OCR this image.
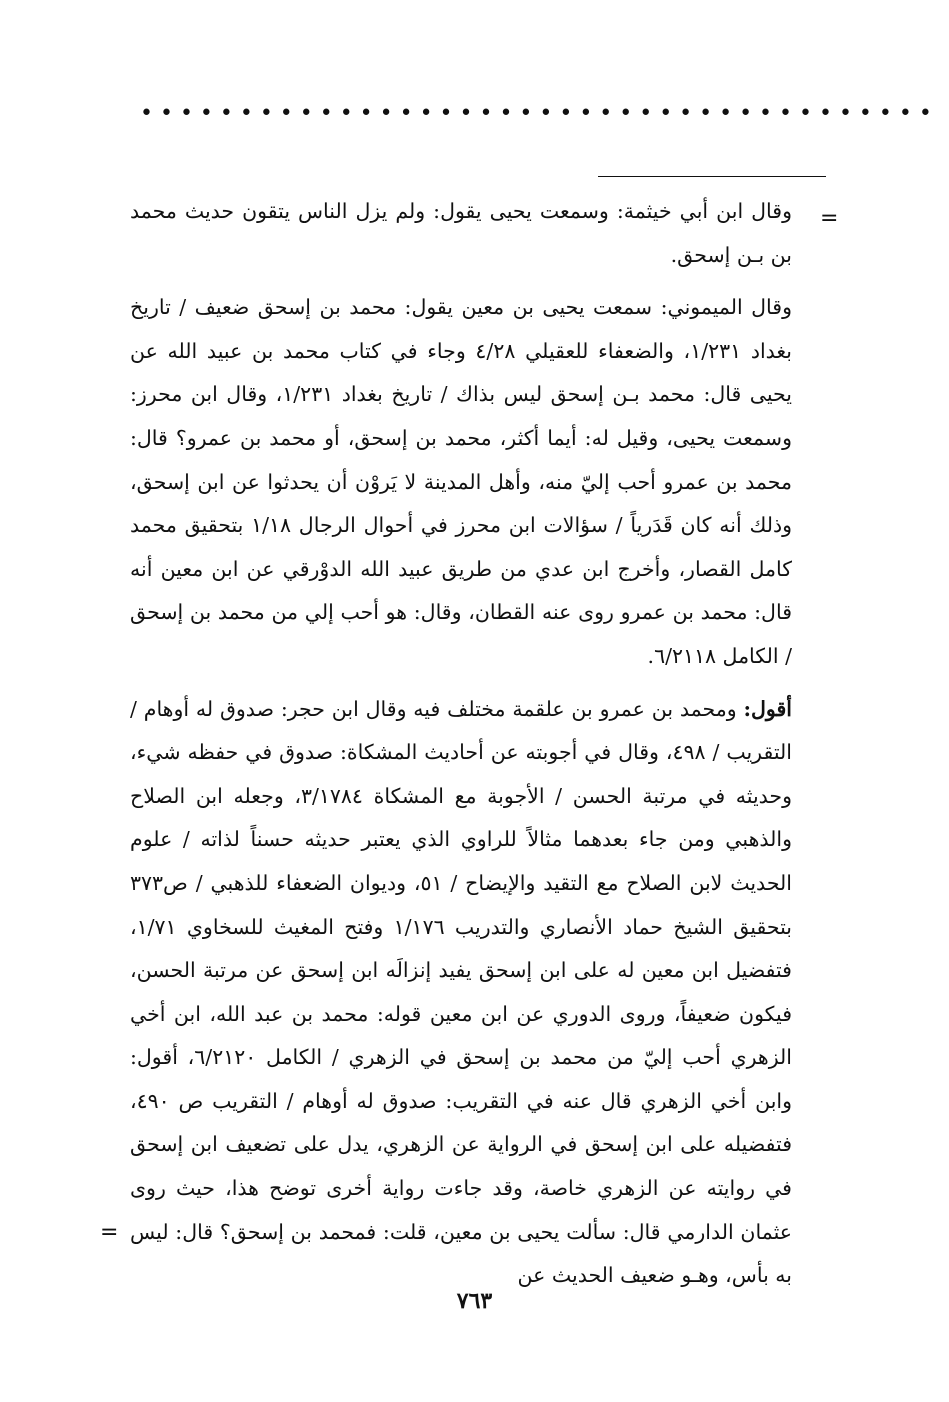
• • • • • • • • • • • • • • • • • • • • • • • • • • • • • • • • • • • • • • • •
=

وقال ابن أبي خيثمة: وسمعت يحيى يقول: ولم يزل الناس يتقون حديث محمد بن بـن إسحق.

وقال الميموني: سمعت يحيى بن معين يقول: محمد بن إسحق ضعيف / تاريخ بغداد ١/٢٣١، والضعفاء للعقيلي ٤/٢٨ وجاء في كتاب محمد بن عبيد الله عن يحيى قال: محمد بـن إسحق ليس بذاك / تاريخ بغداد ١/٢٣١، وقال ابن محرز: وسمعت يحيى، وقيل له: أيما أكثر، محمد بن إسحق، أو محمد بن عمرو؟ قال: محمد بن عمرو أحب إليّ منه، وأهل المدينة لا يَروْن أن يحدثوا عن ابن إسحق، وذلك أنه كان قَدَرياً / سؤالات ابن محرز في أحوال الرجال ١/١٨ بتحقيق محمد كامل القصار، وأخرج ابن عدي من طريق عبيد الله الدوْرقي عن ابن معين أنه قال: محمد بن عمرو روى عنه القطان، وقال: هو أحب إلي من محمد بن إسحق / الكامل ٦/٢١١٨.

أقول: ومحمد بن عمرو بن علقمة مختلف فيه وقال ابن حجر: صدوق له أوهام / التقريب / ٤٩٨، وقال في أجوبته عن أحاديث المشكاة: صدوق في حفظه شيء، وحديثه في مرتبة الحسن / الأجوبة مع المشكاة ٣/١٧٨٤، وجعله ابن الصلاح والذهبي ومن جاء بعدهما مثالاً للراوي الذي يعتبر حديثه حسناً لذاته / علوم الحديث لابن الصلاح مع التقيد والإيضاح / ٥١، وديوان الضعفاء للذهبي / ص٣٧٣ بتحقيق الشيخ حماد الأنصاري والتدريب ١/١٧٦ وفتح المغيث للسخاوي ١/٧١، فتفضيل ابن معين له على ابن إسحق يفيد إنزالَه ابن إسحق عن مرتبة الحسن، فيكون ضعيفاً، وروى الدوري عن ابن معين قوله: محمد بن عبد الله، ابن أخي الزهري أحب إليّ من محمد بن إسحق في الزهري / الكامل ٦/٢١٢٠، أقول: وابن أخي الزهري قال عنه في التقريب: صدوق له أوهام / التقريب ص ٤٩٠، فتفضيله على ابن إسحق في الرواية عن الزهري، يدل على تضعيف ابن إسحق في روايته عن الزهري خاصة، وقد جاءت رواية أخرى توضح هذا، حيث روى عثمان الدارمي قال: سألت يحيى بن معين، قلت: فمحمد بن إسحق؟ قال: ليس به بأس، وهـو ضعيف الحديث عن

=
٧٦٣
